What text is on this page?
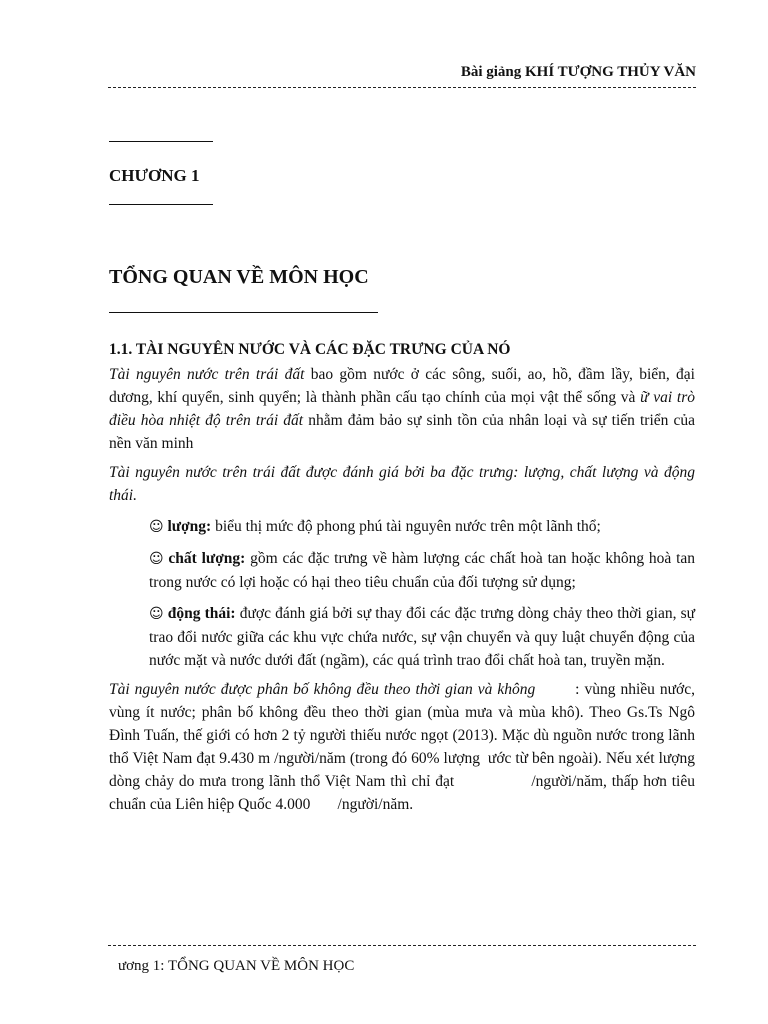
Bài giảng KHÍ TƯỢNG THỦY VĂN
CHƯƠNG 1
TỔNG QUAN VỀ MÔN HỌC
1.1. TÀI NGUYÊN NƯỚC VÀ CÁC ĐẶC TRƯNG CỦA NÓ

Tài nguyên nước trên trái đất bao gồm nước ở các sông, suối, ao, hồ, đầm lầy, biển, đại dương, khí quyển, sinh quyển; là thành phần cấu tạo chính của mọi vật thể sống và ữ vai trò điều hòa nhiệt độ trên trái đất nhằm đảm bảo sự sinh tồn của nhân loại và sự tiến triển của nền văn minh

Tài nguyên nước trên trái đất được đánh giá bởi ba đặc trưng: lượng, chất lượng và động thái.

☺ lượng: biểu thị mức độ phong phú tài nguyên nước trên một lãnh thổ;

☺ chất lượng: gồm các đặc trưng về hàm lượng các chất hoà tan hoặc không hoà tan trong nước có lợi hoặc có hại theo tiêu chuẩn của đối tượng sử dụng;

☺ động thái: được đánh giá bởi sự thay đổi các đặc trưng dòng chảy theo thời gian, sự trao đổi nước giữa các khu vực chứa nước, sự vận chuyển và quy luật chuyển động của nước mặt và nước dưới đất (ngầm), các quá trình trao đổi chất hoà tan, truyền mặn.

Tài nguyên nước được phân bố không đều theo thời gian và không        : vùng nhiều nước, vùng ít nước; phân bố không đều theo thời gian (mùa mưa và mùa khô). Theo Gs.Ts Ngô Đình Tuấn, thế giới có hơn 2 tỷ người thiếu nước ngọt (2013). Mặc dù nguồn nước trong lãnh thổ Việt Nam đạt 9.430 m /người/năm (trong đó 60% lượng  ước từ bên ngoài). Nếu xét lượng dòng chảy do mưa trong lãnh thổ Việt Nam thì chỉ đạt                /người/năm, thấp hơn tiêu chuẩn của Liên hiệp Quốc 4.000       /người/năm.

ương 1: TỔNG QUAN VỀ MÔN HỌC
